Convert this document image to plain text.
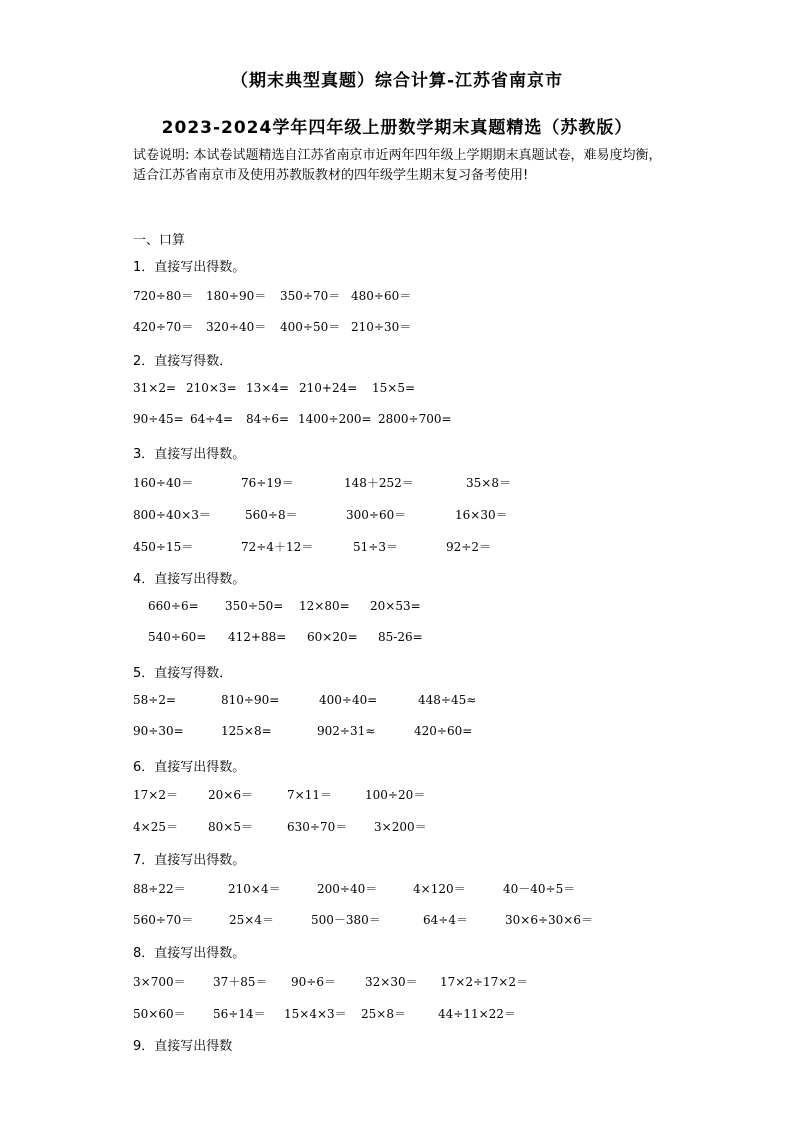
（期末典型真题）综合计算-江苏省南京市
2023-2024学年四年级上册数学期末真题精选（苏教版）
试卷说明: 本试卷试题精选自江苏省南京市近两年四年级上学期期末真题试卷，难易度均衡，适合江苏省南京市及使用苏教版教材的四年级学生期末复习备考使用!
一、口算
1．直接写出得数。
720÷80＝ 180÷90＝ 350÷70＝ 480÷60＝
420÷70＝ 320÷40＝ 400÷50＝ 210÷30＝
2．直接写得数．
31×2= 210×3= 13×4= 210+24= 15×5=
90÷45= 64÷4= 84÷6= 1400÷200= 2800÷700=
3．直接写出得数。
160÷40＝	76÷19＝	148＋252＝	35×8＝
800÷40×3＝	560÷8＝	300÷60＝	16×30＝
450÷15＝	72÷4＋12＝	51÷3＝	92÷2＝
4．直接写出得数。
660÷6= 350÷50= 12×80= 20×53=
540÷60= 412+88= 60×20= 85-26=
5．直接写得数．
58÷2=	810÷90=	400÷40=	448÷45≈
90÷30=	125×8=	902÷31≈	420÷60=
6．直接写出得数。
17×2＝	20×6＝	7×11＝	100÷20＝
4×25＝	80×5＝	630÷70＝ 3×200＝
7．直接写出得数。
88÷22＝	210×4＝	200÷40＝	4×120＝	40－40÷5＝
560÷70＝	25×4＝	500－380＝	64÷4＝	30×6÷30×6＝
8．直接写出得数。
3×700＝ 37＋85＝ 90÷6＝ 32×30＝ 17×2÷17×2＝
50×60＝ 56÷14＝ 15×4×3＝ 25×8＝	44÷11×22＝
9．直接写出得数
